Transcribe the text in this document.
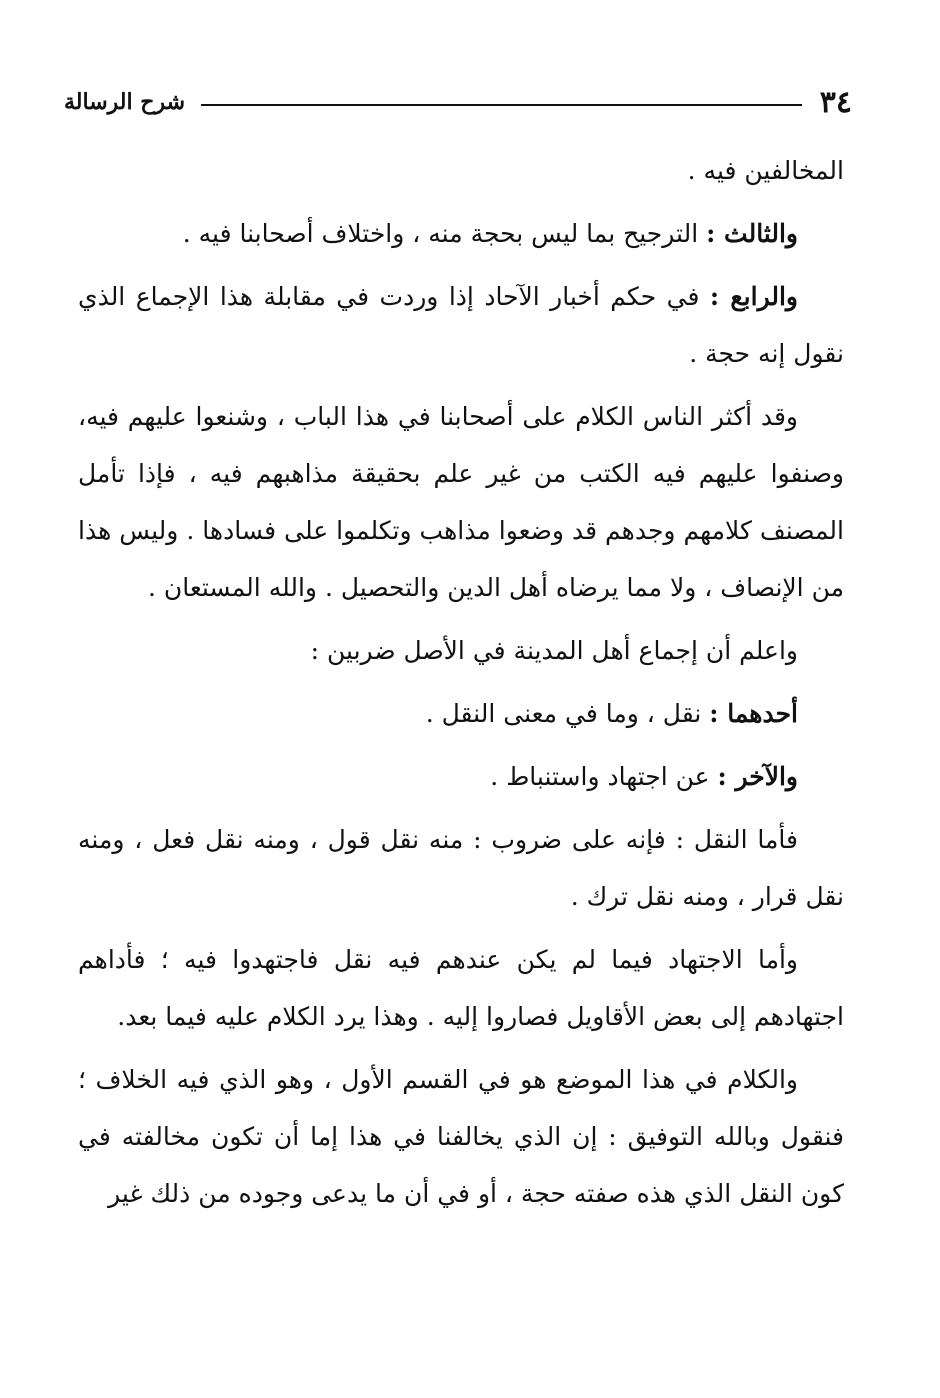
٣٤
شرح الرسالة

المخالفين فيه .

والثالث : الترجيح بما ليس بحجة منه ، واختلاف أصحابنا فيه .

والرابع : في حكم أخبار الآحاد إذا وردت في مقابلة هذا الإجماع الذي نقول إنه حجة .

وقد أكثر الناس الكلام على أصحابنا في هذا الباب ، وشنعوا عليهم فيه، وصنفوا عليهم فيه الكتب من غير علم بحقيقة مذاهبهم فيه ، فإذا تأمل المصنف كلامهم وجدهم قد وضعوا مذاهب وتكلموا على فسادها . وليس هذا من الإنصاف ، ولا مما يرضاه أهل الدين والتحصيل . والله المستعان .

واعلم أن إجماع أهل المدينة في الأصل ضربين :

أحدهما : نقل ، وما في معنى النقل .

والآخر : عن اجتهاد واستنباط .

فأما النقل : فإنه على ضروب : منه نقل قول ، ومنه نقل فعل ، ومنه نقل قرار ، ومنه نقل ترك .

وأما الاجتهاد فيما لم يكن عندهم فيه نقل فاجتهدوا فيه ؛ فأداهم اجتهادهم إلى بعض الأقاويل فصاروا إليه . وهذا يرد الكلام عليه فيما بعد.

والكلام في هذا الموضع هو في القسم الأول ، وهو الذي فيه الخلاف ؛ فنقول وبالله التوفيق : إن الذي يخالفنا في هذا إما أن تكون مخالفته في كون النقل الذي هذه صفته حجة ، أو في أن ما يدعى وجوده من ذلك غير
